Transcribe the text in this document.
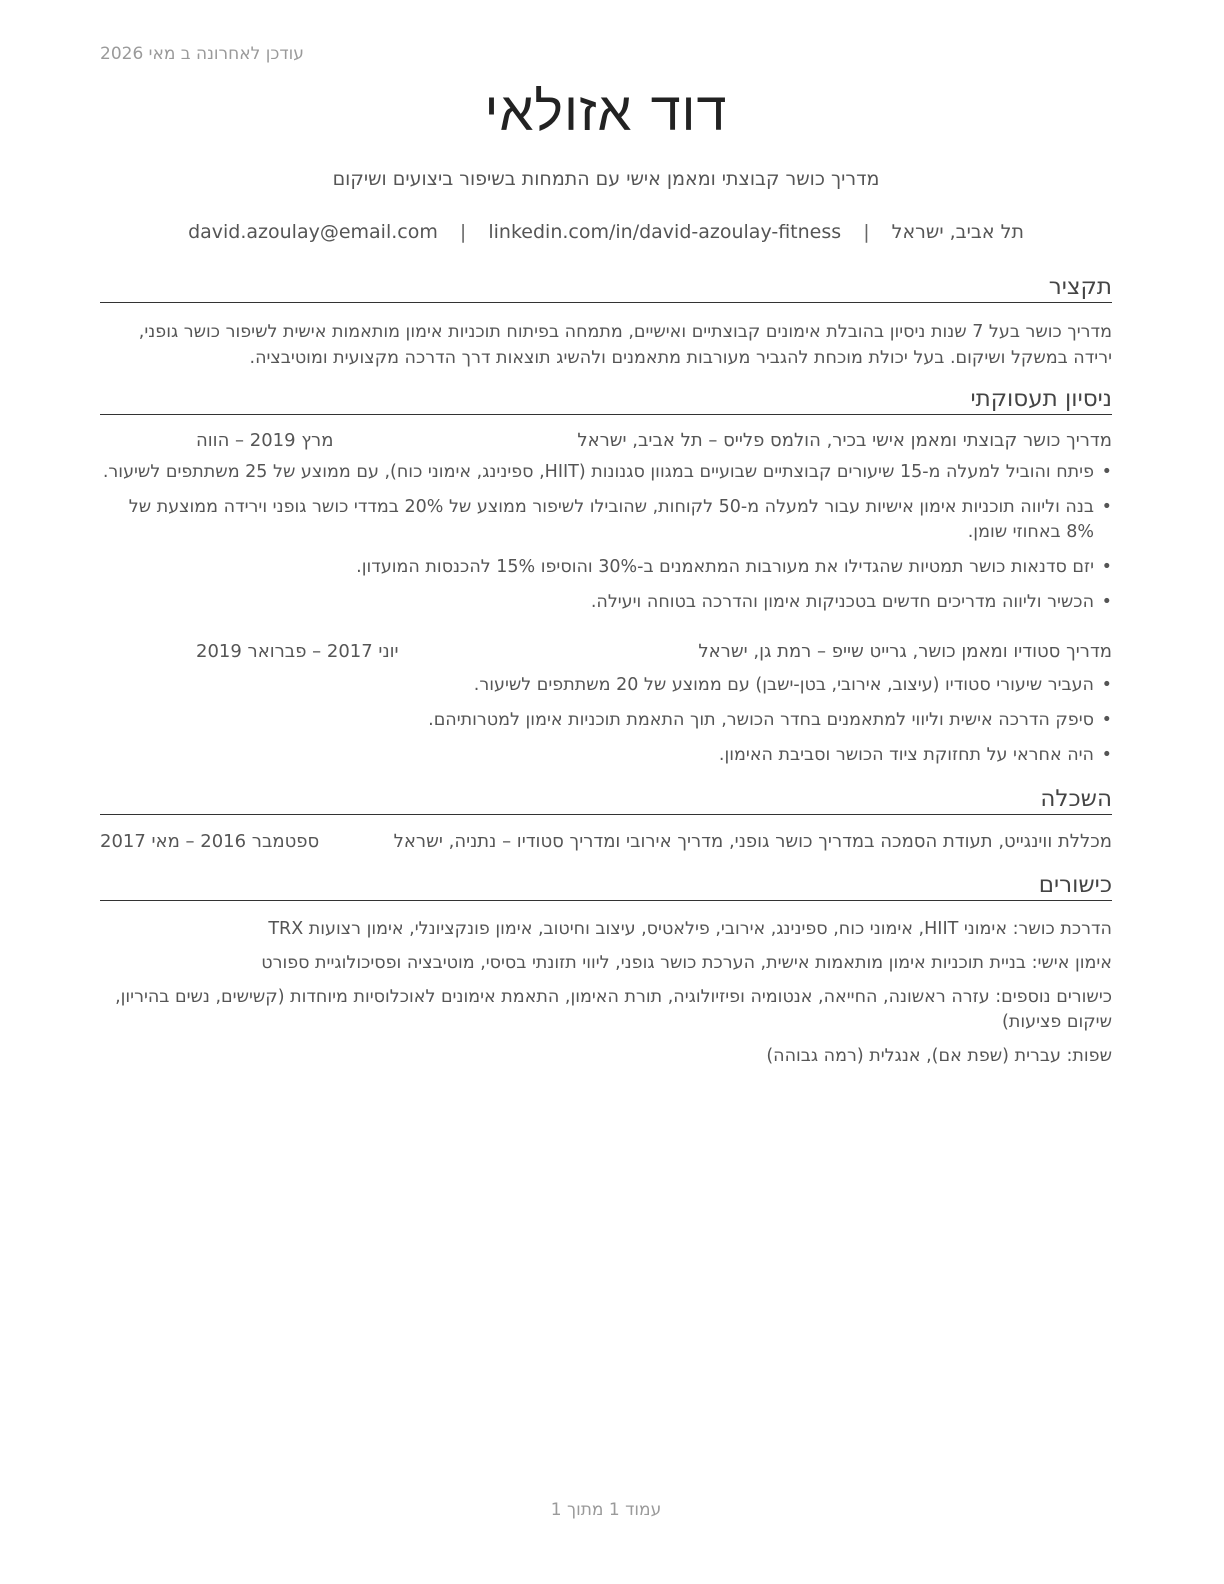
עודכן לאחרונה ב מאי 2026
דוד אזולאי
מדריך כושר קבוצתי ומאמן אישי עם התמחות בשיפור ביצועים ושיקום
תל אביב, ישראל | david.azoulay@email.com | linkedin.com/in/david-azoulay-fitness
תקציר
מדריך כושר בעל 7 שנות ניסיון בהובלת אימונים קבוצתיים ואישיים, מתמחה בפיתוח תוכניות אימון מותאמות אישית לשיפור כושר גופני, ירידה במשקל ושיקום. בעל יכולת מוכחת להגביר מעורבות מתאמנים ולהשיג תוצאות דרך הדרכה מקצועית ומוטיבציה.
ניסיון תעסוקתי
מדריך כושר קבוצתי ומאמן אישי בכיר, הולמס פלייס – תל אביב, ישראל
מרץ 2019 – הווה
• פיתח והוביל למעלה מ-15 שיעורים קבוצתיים שבועיים במגוון סגנונות (HIIT, ספינינג, אימוני כוח), עם ממוצע של 25 משתתפים לשיעור.
• בנה וליווה תוכניות אימון אישיות עבור למעלה מ-50 לקוחות, שהובילו לשיפור ממוצע של 20% במדדי כושר גופני וירידה ממוצעת של 8% באחוזי שומן.
• יזם סדנאות כושר תמטיות שהגדילו את מעורבות המתאמנים ב-30% והוסיפו 15% להכנסות המועדון.
• הכשיר וליווה מדריכים חדשים בטכניקות אימון והדרכה בטוחה ויעילה.
מדריך סטודיו ומאמן כושר, גרייט שייפ – רמת גן, ישראל
יוני 2017 – פברואר 2019
• העביר שיעורי סטודיו (עיצוב, אירובי, בטן-ישבן) עם ממוצע של 20 משתתפים לשיעור.
• סיפק הדרכה אישית וליווי למתאמנים בחדר הכושר, תוך התאמת תוכניות אימון למטרותיהם.
• היה אחראי על תחזוקת ציוד הכושר וסביבת האימון.
השכלה
מכללת ווינגייט, תעודת הסמכה במדריך כושר גופני, מדריך אירובי ומדריך סטודיו – נתניה, ישראל
ספטמבר 2016 – מאי 2017
כישורים
הדרכת כושר: אימוני HIIT, אימוני כוח, ספינינג, אירובי, פילאטיס, עיצוב וחיטוב, אימון פונקציונלי, אימון רצועות TRX
אימון אישי: בניית תוכניות אימון מותאמות אישית, הערכת כושר גופני, ליווי תזונתי בסיסי, מוטיבציה ופסיכולוגיית ספורט
כישורים נוספים: עזרה ראשונה, החייאה, אנטומיה ופיזיולוגיה, תורת האימון, התאמת אימונים לאוכלוסיות מיוחדות (קשישים, נשים בהיריון, שיקום פציעות)
שפות: עברית (שפת אם), אנגלית (רמה גבוהה)
עמוד 1 מתוך 1
